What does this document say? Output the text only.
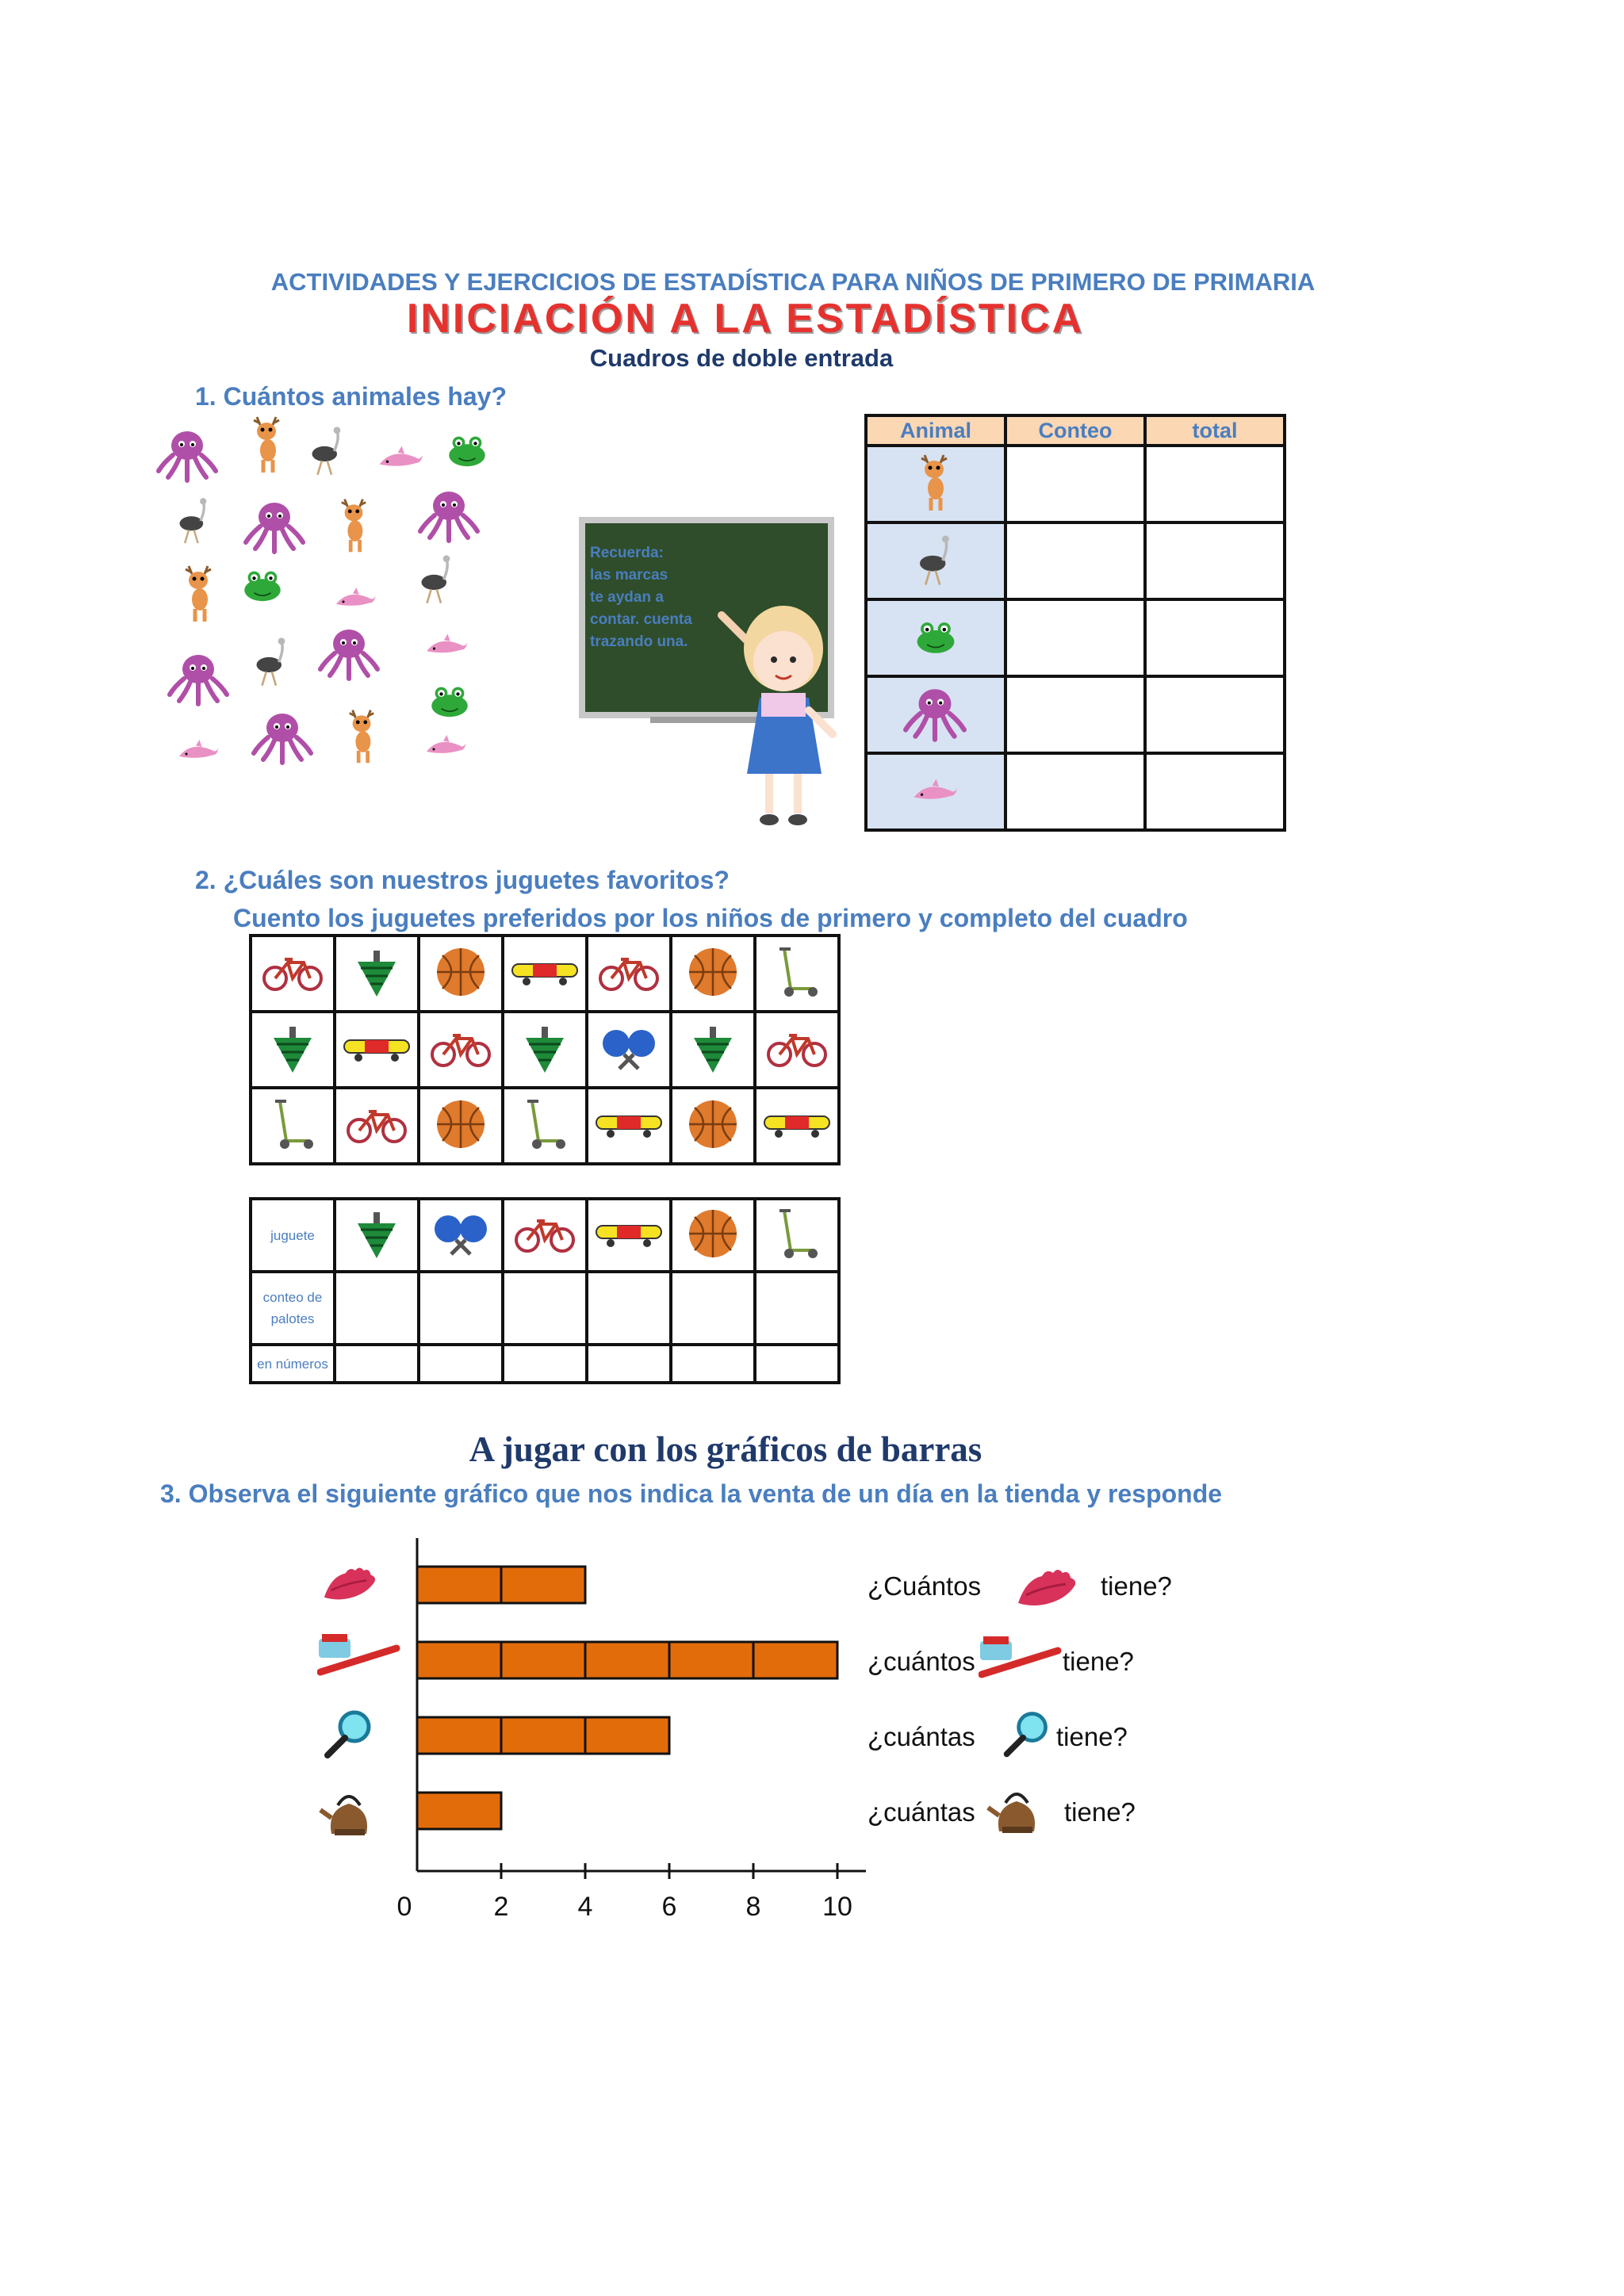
ACTIVIDADES Y EJERCICIOS DE ESTADÍSTICA PARA NIÑOS DE PRIMERO DE PRIMARIA
INICIACIÓN A LA ESTADÍSTICA
Cuadros de doble entrada
1. Cuántos animales hay?
Recuerda:
las marcas
te aydan a
contar. cuenta
trazando una.
Animal	Conteo	total

2. ¿Cuáles son nuestros juguetes favoritos?
Cuento los juguetes preferidos por los niños de primero y completo del cuadro

juguete						

conteo de palotes						

en números						
A jugar con los gráficos de barras
3. Observa el siguiente gráfico que nos indica la venta de un día en la tienda y responde
0	2	4	6	8 10
¿Cuántos	tiene?
¿cuántos	tiene?
¿cuántas	tiene?
¿cuántas	tiene?
